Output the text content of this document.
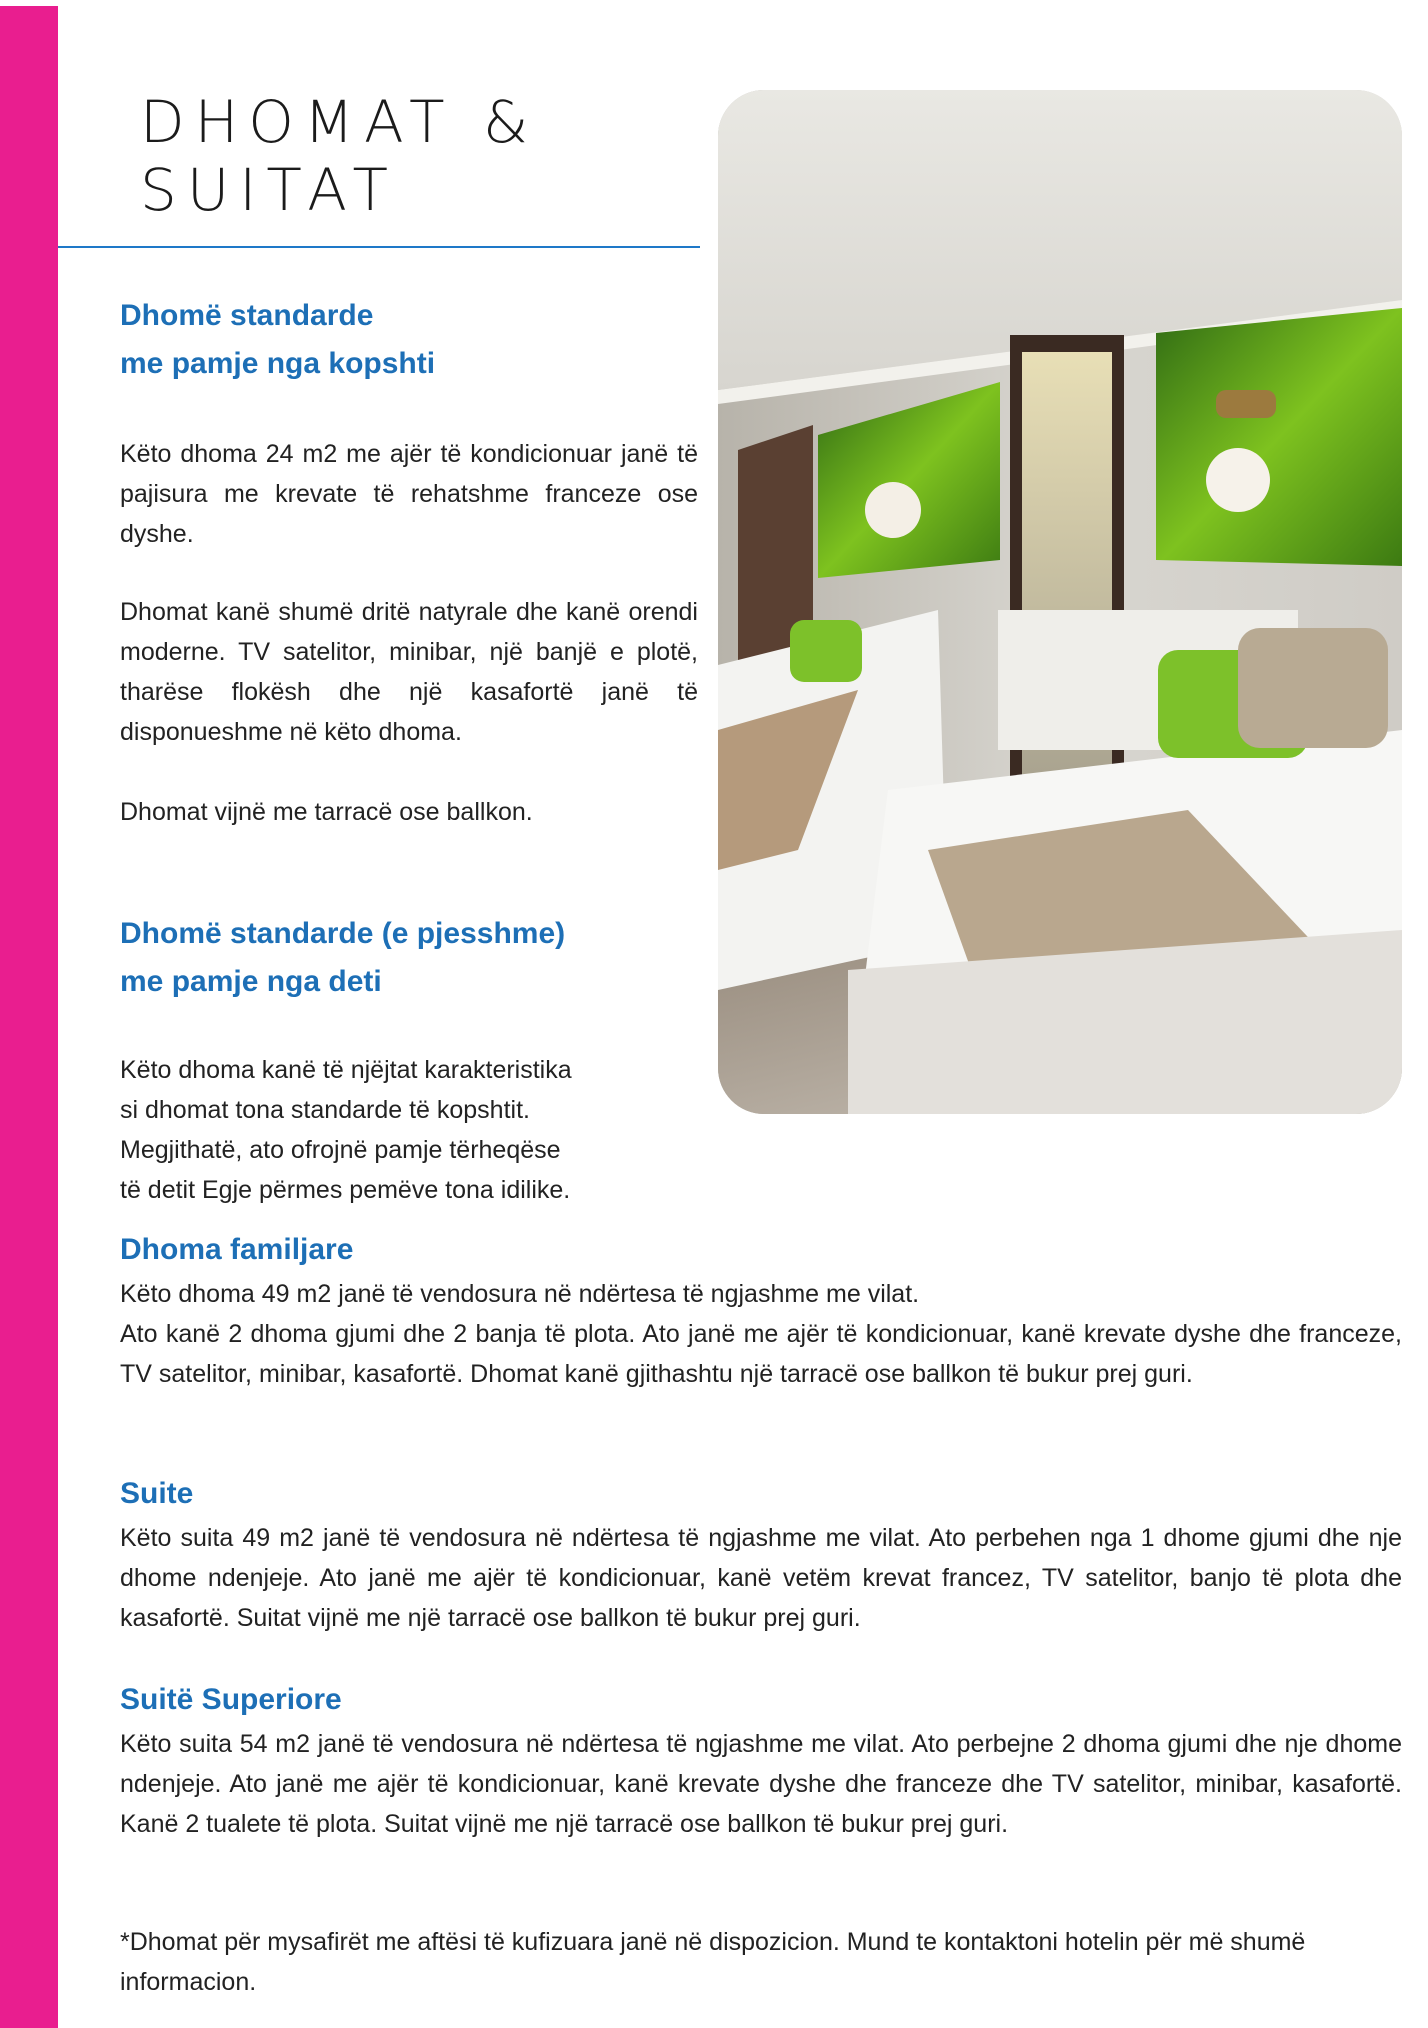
DHOMAT &
SUITAT
Dhomë standarde
me pamje nga kopshti

Këto dhoma 24 m2 me ajër të kondicionuar janë të pajisura me krevate të rehatshme franceze ose dyshe.

Dhomat kanë shumë dritë natyrale dhe kanë orendi moderne. TV satelitor, minibar, një banjë e plotë, tharëse flokësh dhe një kasafortë janë të disponueshme në këto dhoma.

Dhomat vijnë me tarracë ose ballkon.

Dhomë standarde (e pjesshme)
me pamje nga deti

Këto dhoma kanë të njëjtat karakteristika
si dhomat tona standarde të kopshtit.
Megjithatë, ato ofrojnë pamje tërheqëse
të detit Egje përmes pemëve tona idilike.

Dhoma familjare

Këto dhoma 49 m2 janë të vendosura në ndërtesa të ngjashme me vilat.

Ato kanë 2 dhoma gjumi dhe 2 banja të plota. Ato janë me ajër të kondicionuar, kanë krevate dyshe dhe franceze, TV satelitor, minibar, kasafortë. Dhomat kanë gjithashtu një tarracë ose ballkon të bukur prej guri.

Suite

Këto suita 49 m2 janë të vendosura në ndërtesa të ngjashme me vilat. Ato perbehen nga 1 dhome gjumi dhe nje dhome ndenjeje. Ato janë me ajër të kondicionuar, kanë vetëm krevat francez, TV satelitor, banjo të plota dhe kasafortë. Suitat vijnë me një tarracë ose ballkon të bukur prej guri.

Suitë Superiore

Këto suita 54 m2 janë të vendosura në ndërtesa të ngjashme me vilat. Ato perbejne 2 dhoma gjumi dhe nje dhome ndenjeje. Ato janë me ajër të kondicionuar, kanë krevate dyshe dhe franceze dhe TV satelitor, minibar, kasafortë. Kanë 2 tualete të plota. Suitat vijnë me një tarracë ose ballkon të bukur prej guri.

*Dhomat për mysafirët me aftësi të kufizuara janë në dispozicion. Mund te kontaktoni hotelin për më shumë informacion.
